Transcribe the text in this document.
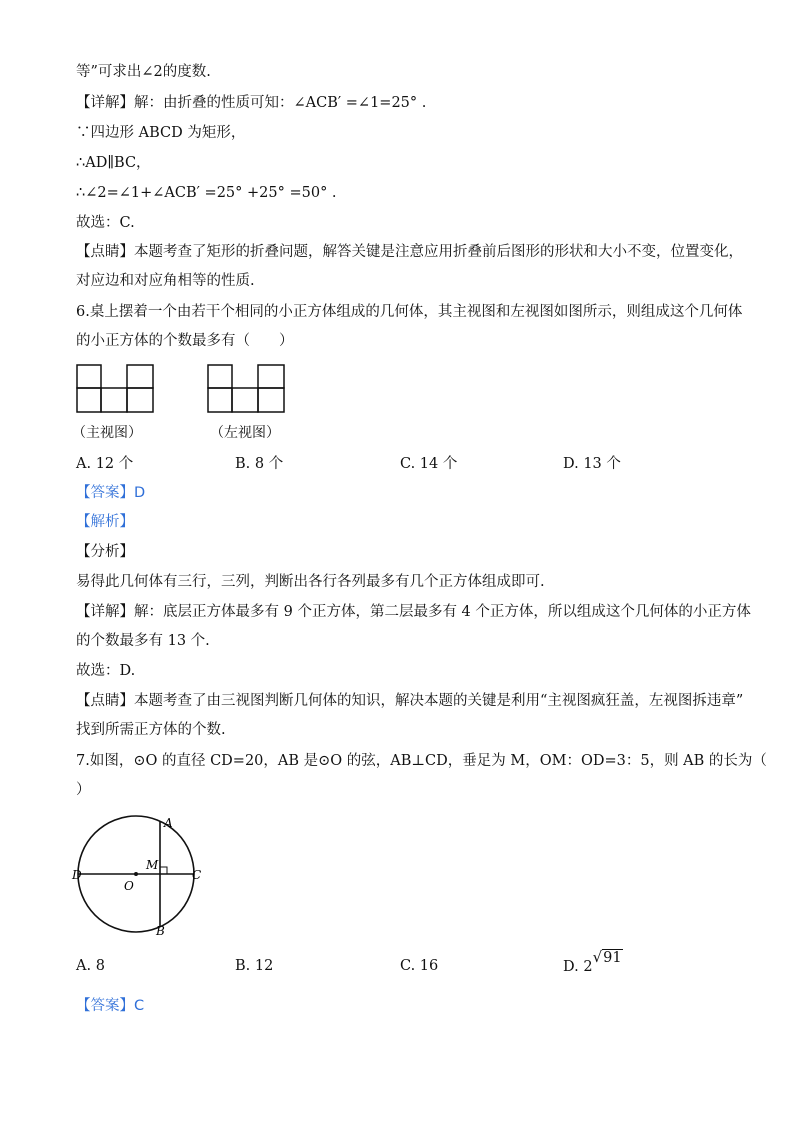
等”可求出∠2的度数.
【详解】解：由折叠的性质可知：∠ACB′ =∠1=25° .
∵四边形 ABCD 为矩形，
∴AD∥BC，
∴∠2=∠1+∠ACB′ =25° +25° =50° .
故选：C.
【点睛】本题考查了矩形的折叠问题，解答关键是注意应用折叠前后图形的形状和大小不变，位置变化，
对应边和对应角相等的性质.
6.桌上摆着一个由若干个相同的小正方体组成的几何体，其主视图和左视图如图所示，则组成这个几何体
的小正方体的个数最多有（　　）
（主视图）	（左视图）
A. 12 个	B. 8 个	C. 14 个	D. 13 个
【答案】D
【解析】
【分析】
易得此几何体有三行，三列，判断出各行各列最多有几个正方体组成即可.
【详解】解：底层正方体最多有 9 个正方体，第二层最多有 4 个正方体，所以组成这个几何体的小正方体
的个数最多有 13 个.
故选：D.
【点睛】本题考查了由三视图判断几何体的知识，解决本题的关键是利用“主视图疯狂盖，左视图拆违章”
找到所需正方体的个数.
7.如图，⊙O 的直径 CD=20，AB 是⊙O 的弦，AB⊥CD，垂足为 M，OM：OD=3：5，则 AB 的长为（
）
A
B
C
D
M
O
A. 8	B. 12	C. 16	D. 2√91
【答案】C
